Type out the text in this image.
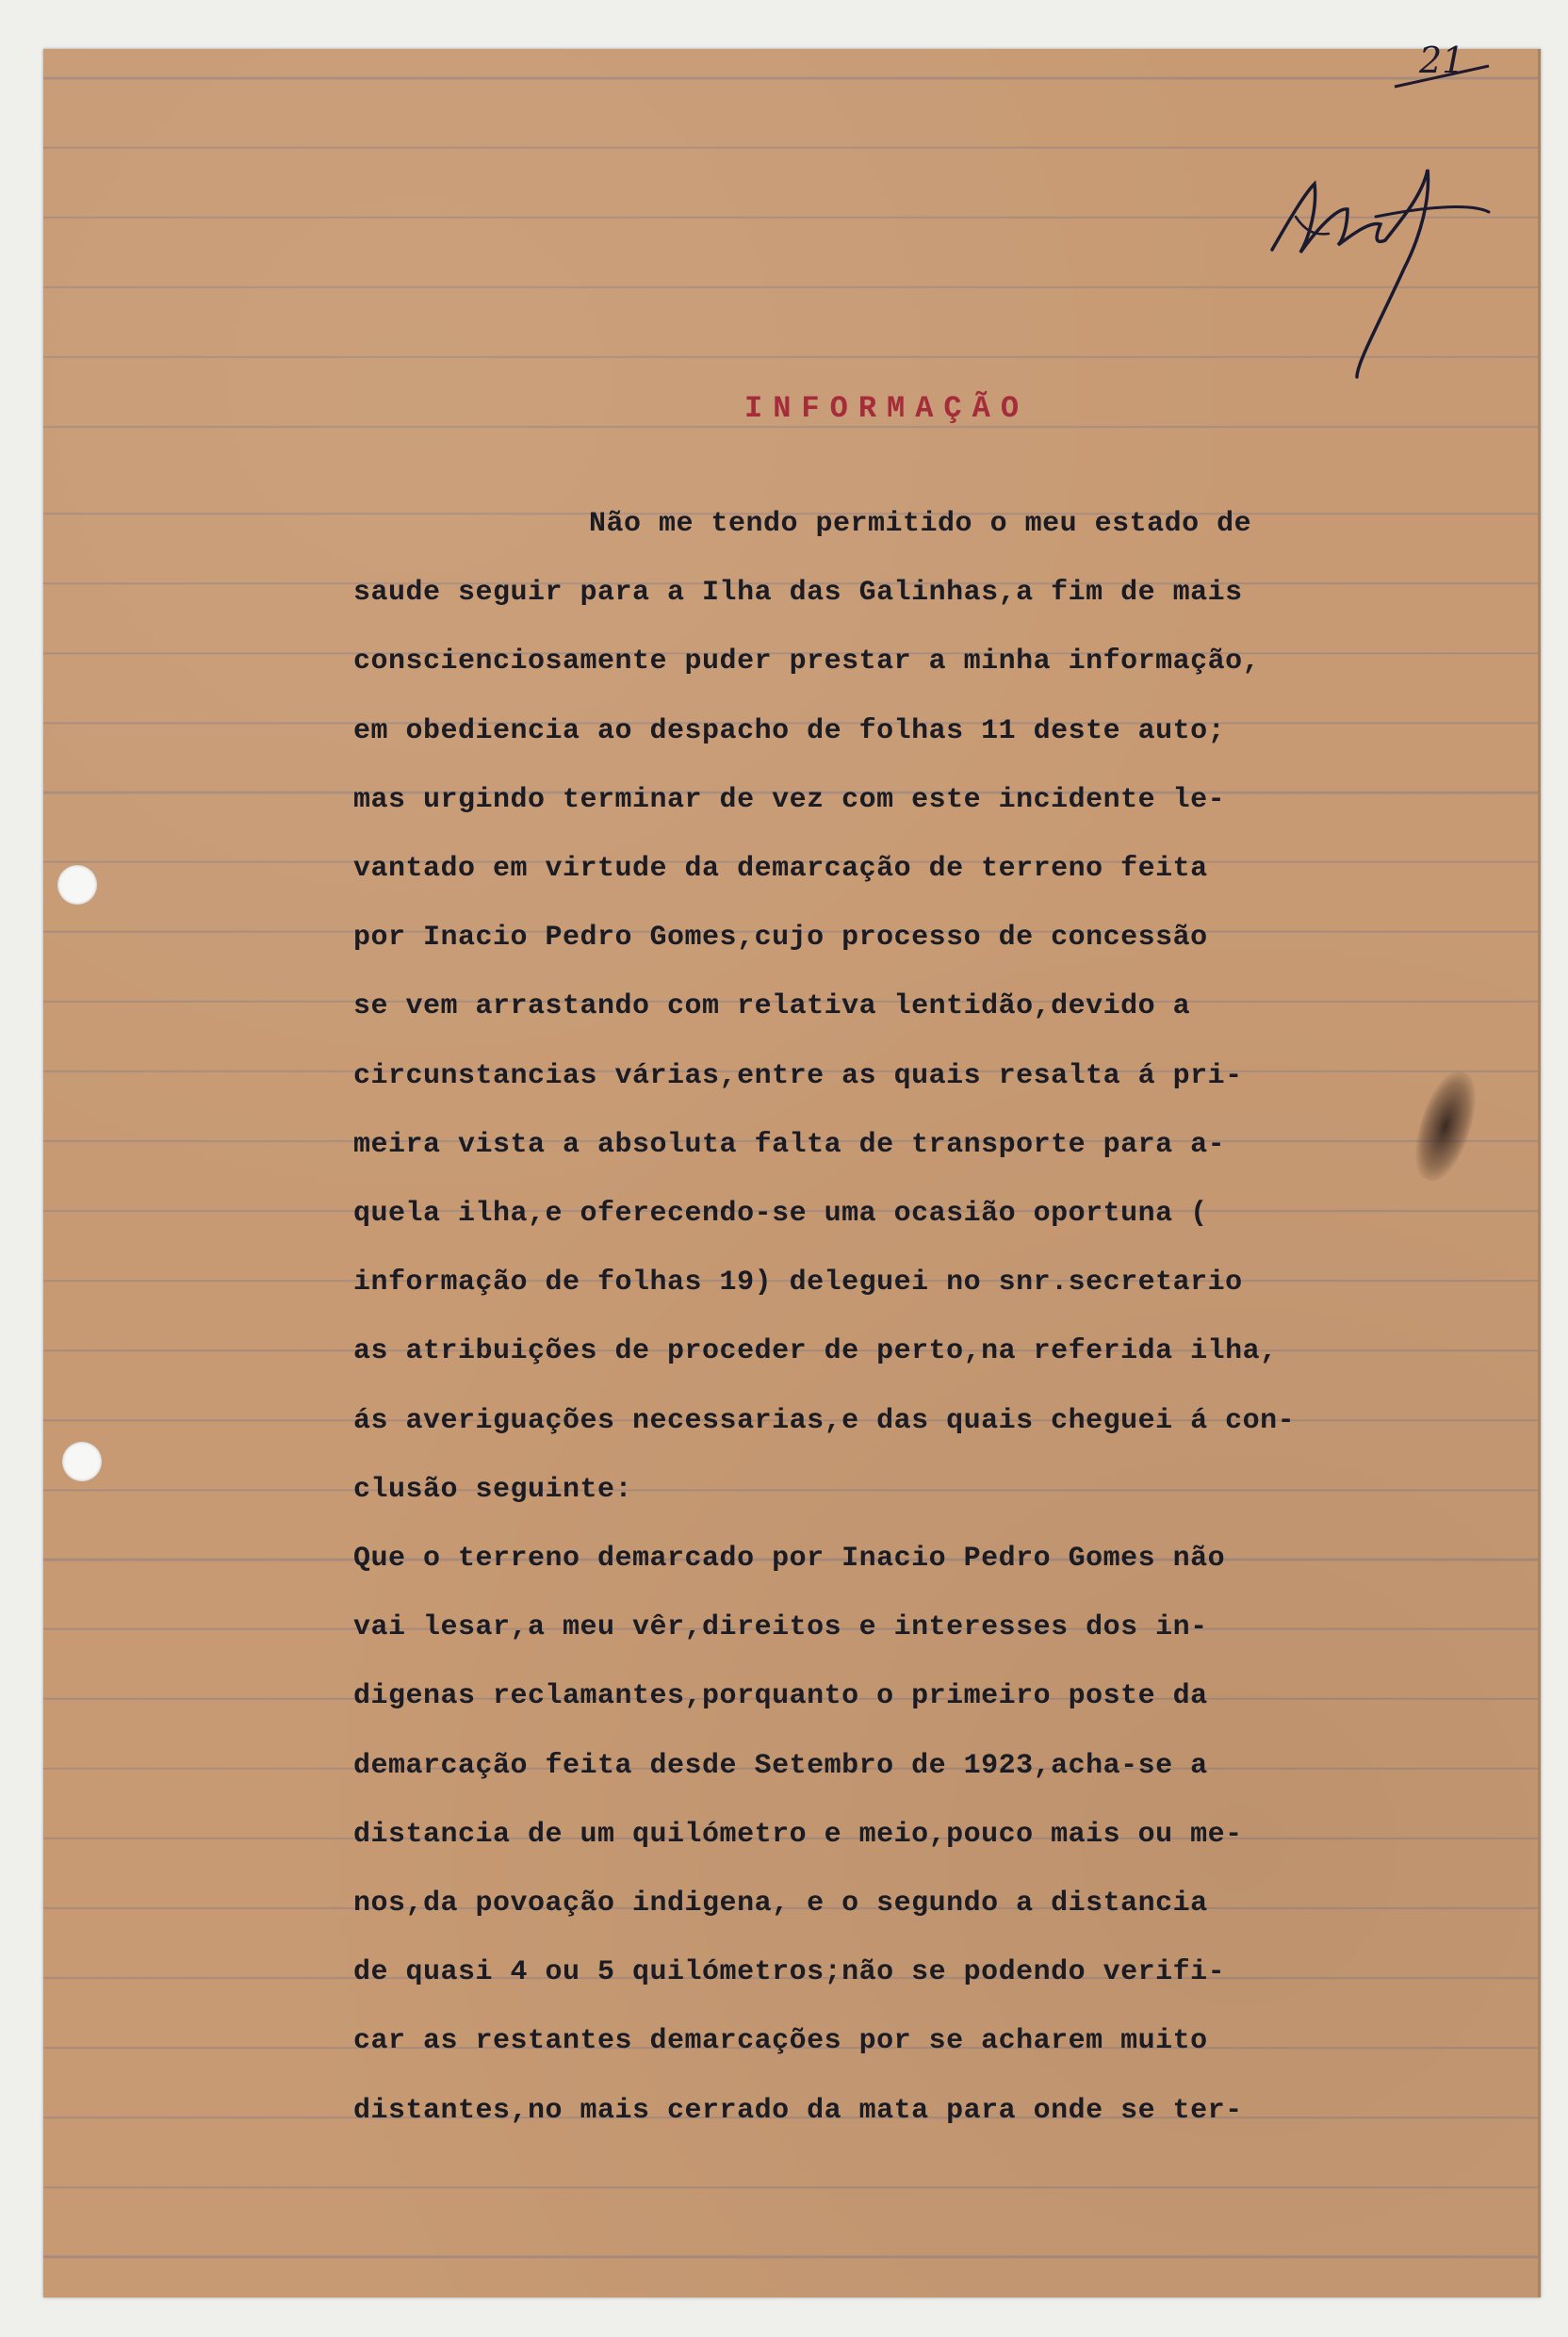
21
INFORMAÇÃO
Não me tendo permitido o meu estado de
saude seguir para a Ilha das Galinhas,a fim de mais
conscienciosamente puder prestar a minha informação,
em obediencia ao despacho de folhas 11 deste auto;
mas urgindo terminar de vez com este incidente le-
vantado em virtude da demarcação de terreno feita
por Inacio Pedro Gomes,cujo processo de concessão
se vem arrastando com relativa lentidão,devido a
circunstancias várias,entre as quais resalta á pri-
meira vista a absoluta falta de transporte para a-
quela ilha,e oferecendo-se uma ocasião oportuna (
informação de folhas 19) deleguei no snr.secretario
as atribuições de proceder de perto,na referida ilha,
ás averiguações necessarias,e das quais cheguei á con-
clusão seguinte:
Que o terreno demarcado por Inacio Pedro Gomes não
vai lesar,a meu vêr,direitos e interesses dos in-
digenas reclamantes,porquanto o primeiro poste da
demarcação feita desde Setembro de 1923,acha-se a
distancia de um quilómetro e meio,pouco mais ou me-
nos,da povoação indigena, e o segundo a distancia
de quasi 4 ou 5 quilómetros;não se podendo verifi-
car as restantes demarcações por se acharem muito
distantes,no mais cerrado da mata para onde se ter-
